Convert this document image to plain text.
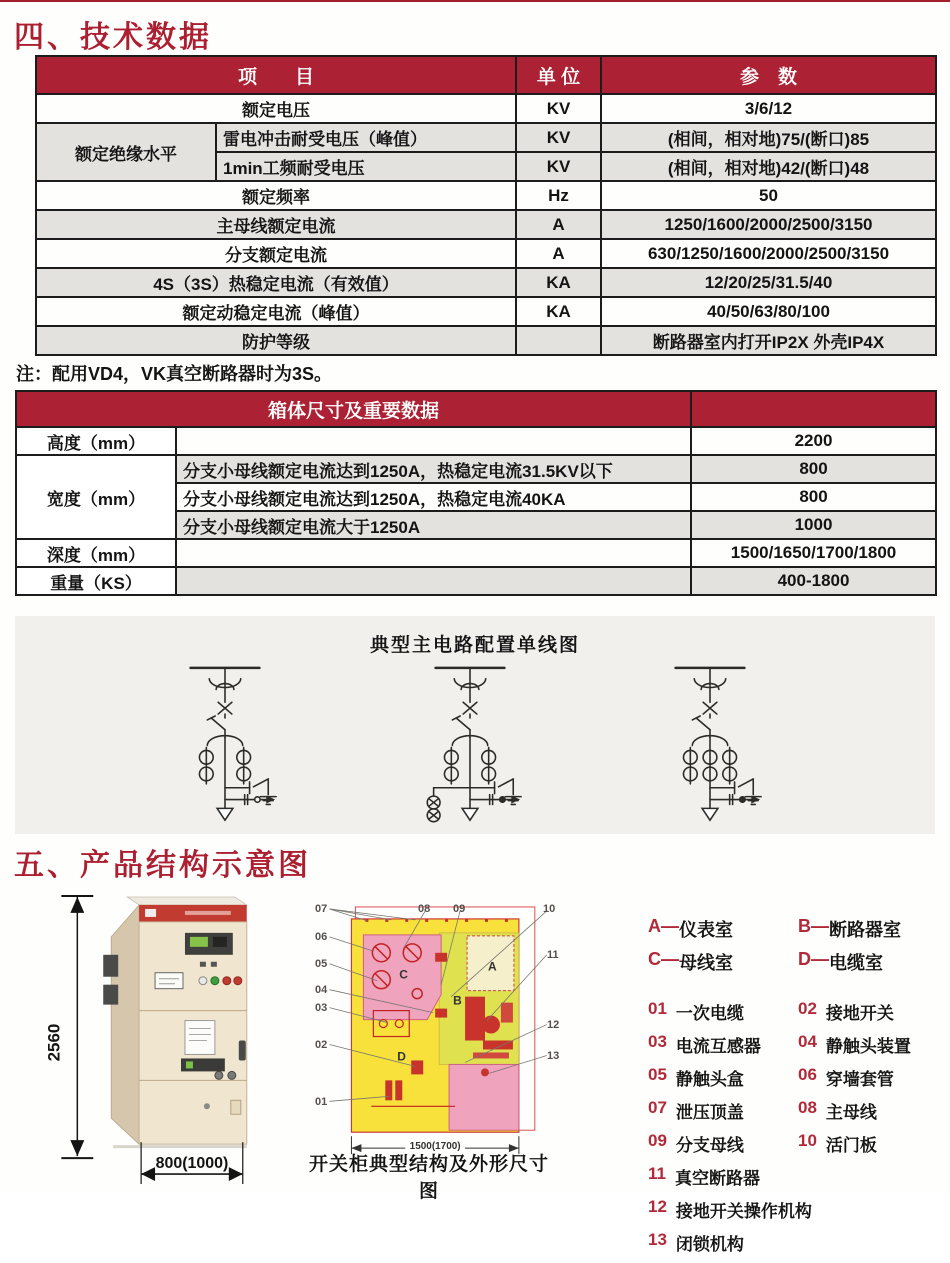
四、技术数据
项　　目		单 位	参　数
额定电压		KV	3/6/12
额定绝缘水平	雷电冲击耐受电压（峰值）	KV	(相间，相对地)75/(断口)85
	1min工频耐受电压	KV	(相间，相对地)42/(断口)48
额定频率		Hz	50
主母线额定电流		A	1250/1600/2000/2500/3150
分支额定电流		A	630/1250/1600/2000/2500/3150
4S（3S）热稳定电流（有效值）		KA	12/20/25/31.5/40
额定动稳定电流（峰值）		KA	40/50/63/80/100
防护等级			断路器室内打开IP2X 外壳IP4X
注：配用VD4，VK真空断路器时为3S。
箱体尺寸及重要数据		
高度（mm）		2200
宽度（mm）	分支小母线额定电流达到1250A，热稳定电流31.5KV以下	800
	分支小母线额定电流达到1250A，热稳定电流40KA	800
	分支小母线额定电流大于1250A	1000
深度（mm）		1500/1650/1700/1800
重量（KS）		400-1800
典型主电路配置单线图
五、产品结构示意图
2560
800(1000)
A
B
C
D
1500(1700)
07	08 09	10
06
05
04
03
02
01
11
12
13
开关柜典型结构及外形尺寸图
A — 仪表室	B — 断路器室
C — 母线室	D — 电缆室
01 一次电缆	02 接地开关
03 电流互感器 04 静触头装置
05 静触头盒	06 穿墙套管
07 泄压顶盖	08 主母线
09 分支母线	10 活门板
11 真空断路器
12 接地开关操作机构
13 闭锁机构
